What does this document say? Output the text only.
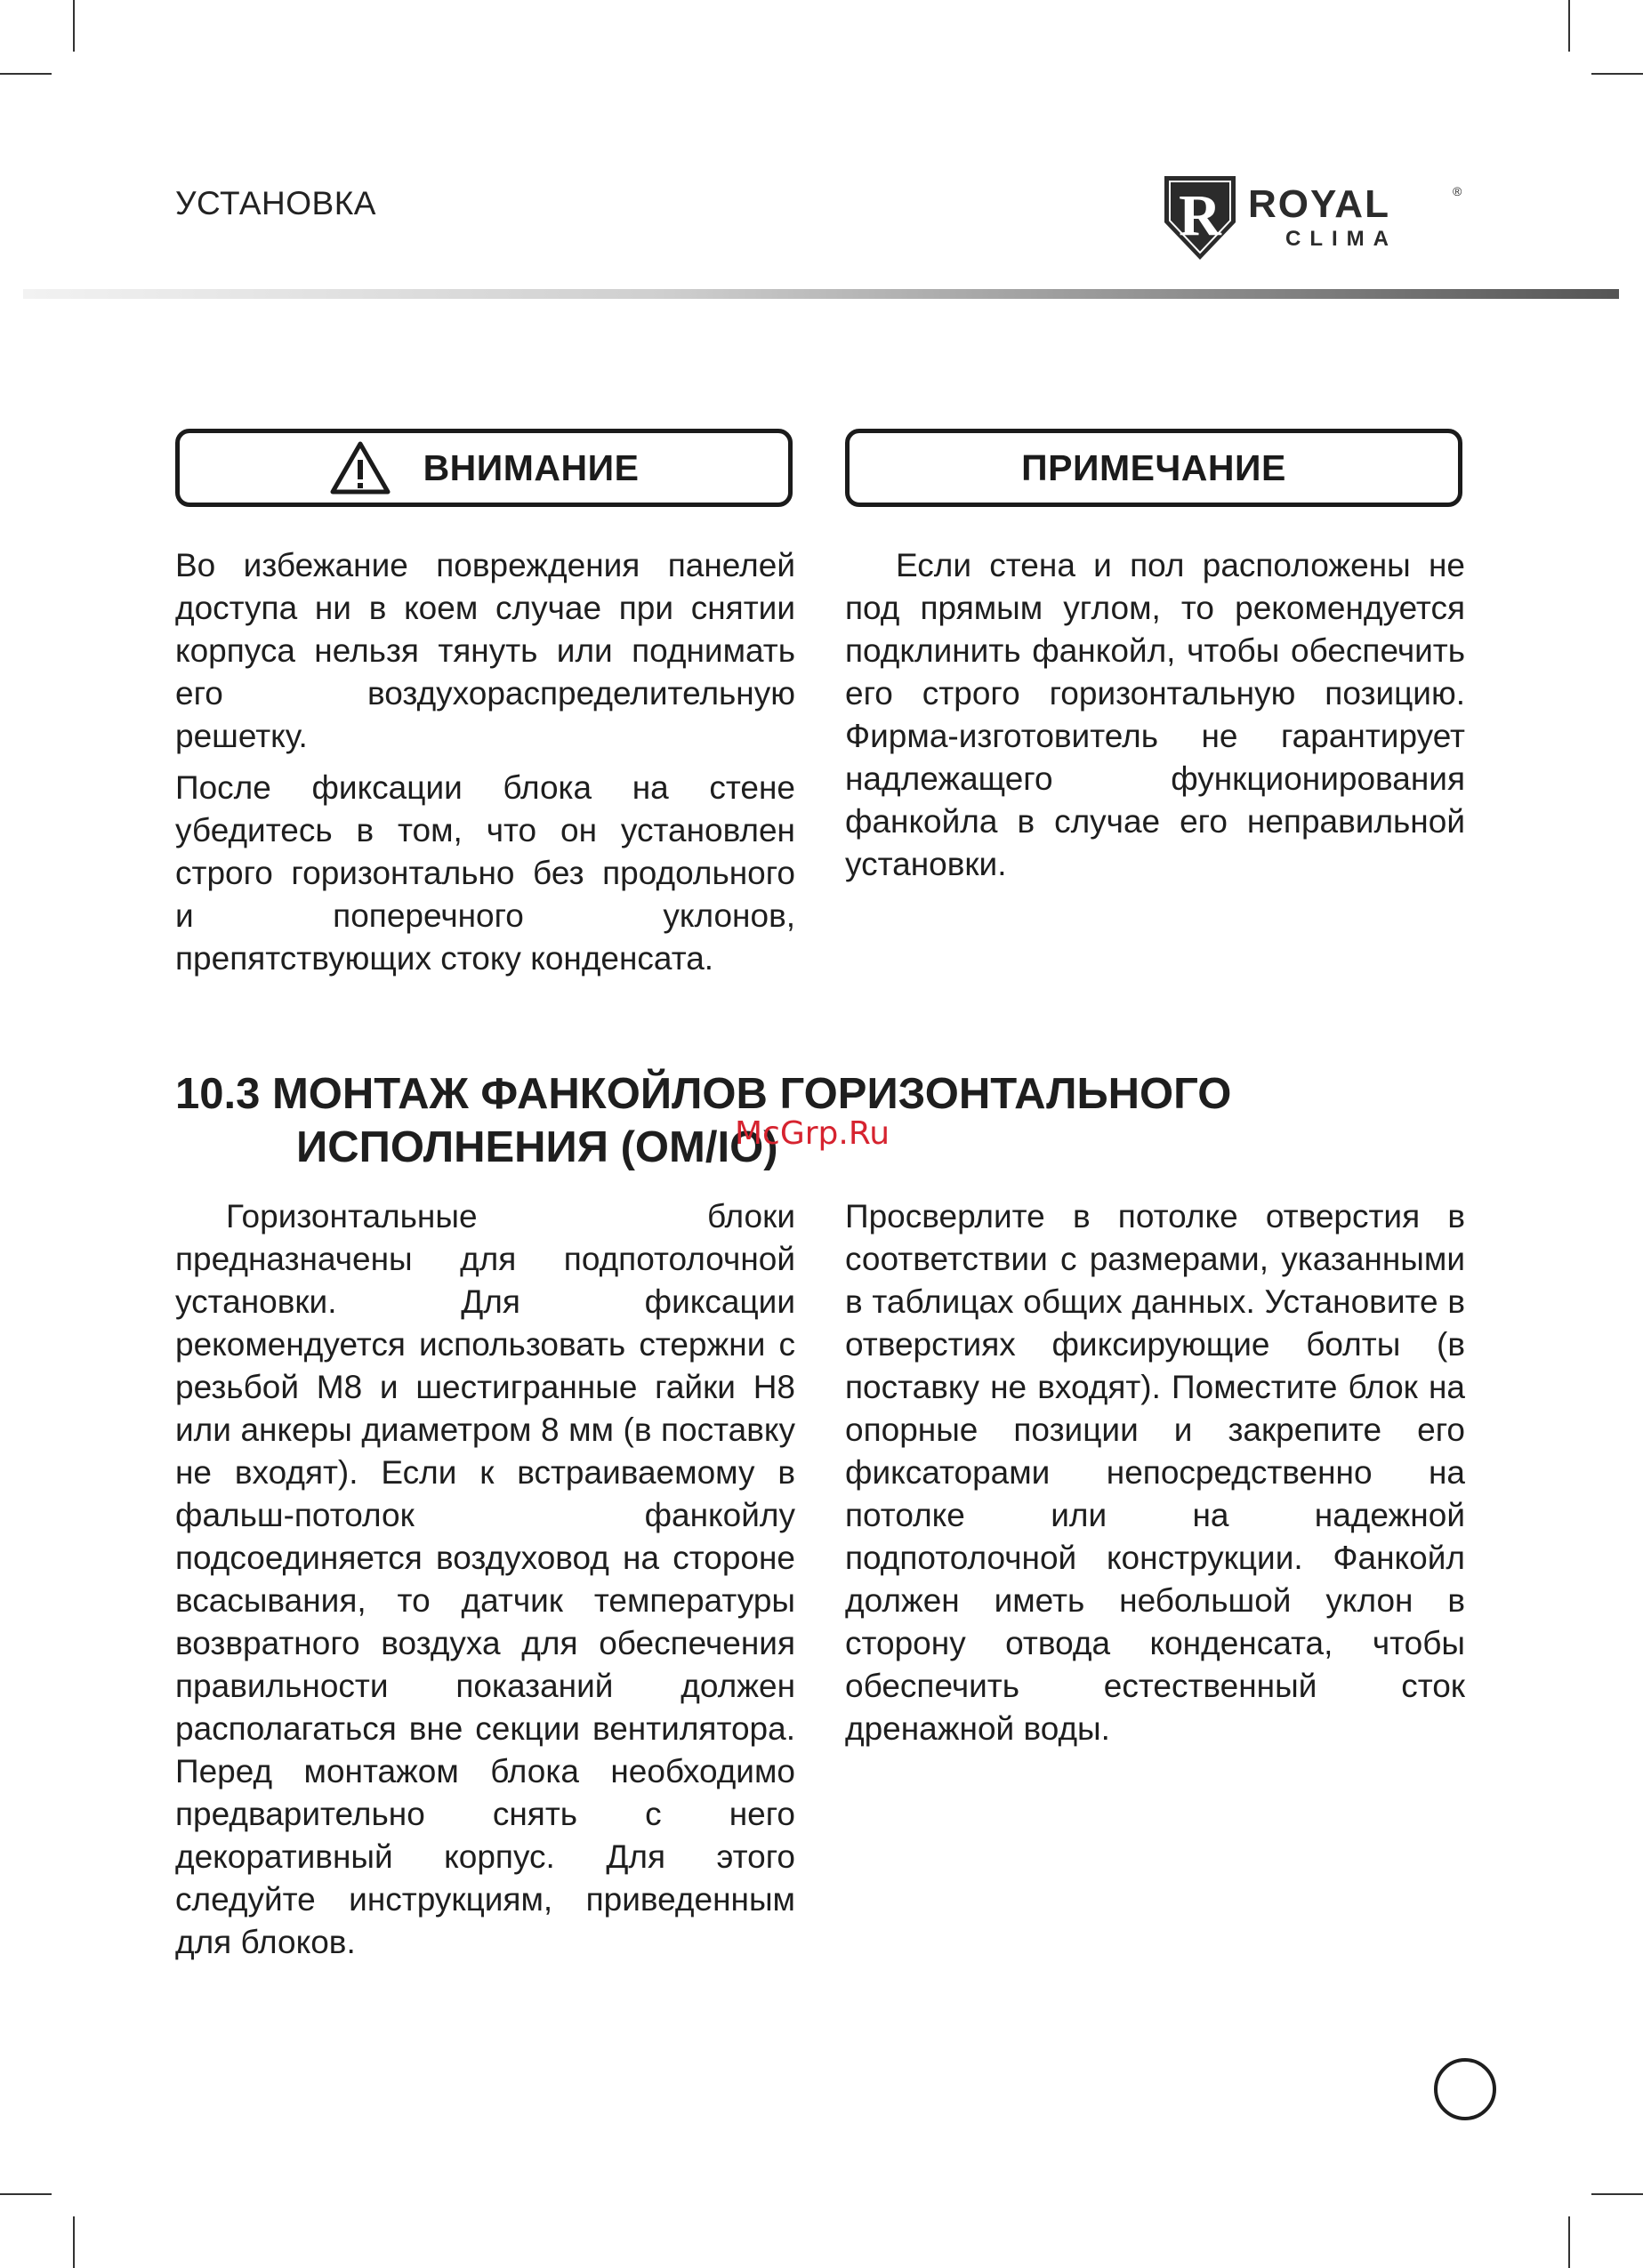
УСТАНОВКА	R ROYAL	®
CLIMA
ВНИМАНИЕ	ПРИМЕЧАНИЕ

Во избежание повреждения панелей доступа ни в коем случае при снятии корпуса нельзя тянуть или поднимать его воздухораспределительную решетку.

После фиксации блока на стене убедитесь в том, что он установлен строго горизонтально без продольного и поперечного уклонов, препятствующих стоку конденсата.

Если стена и пол расположены не под прямым углом, то рекомендуется подклинить фанкойл, чтобы обеспечить его строго горизонтальную позицию. Фирма-изготовитель не гарантирует надлежащего функционирования фанкойла в случае его неправильной установки.

10.3 МОНТАЖ ФАНКОЙЛОВ ГОРИЗОНТАЛЬНОГО
ИСПОЛНЕНИЯ (ОМ/IO)
McGrp.Ru

Горизонтальные блоки предназначены для подпотолочной установки. Для фиксации рекомендуется использовать стержни с резьбой М8 и шестигранные гайки Н8 или анкеры диаметром 8 мм (в поставку не входят). Если к встраиваемому в фальш-потолок фанкойлу подсоединяется воздуховод на стороне всасывания, то датчик температуры возвратного воздуха для обеспечения правильности показаний должен располагаться вне секции вентилятора. Перед монтажом блока необходимо предварительно снять с него декоративный корпус. Для этого следуйте инструкциям, приведенным для блоков.

Просверлите в потолке отверстия в соответствии с размерами, указанными в таблицах общих данных. Установите в отверстиях фиксирующие болты (в поставку не входят). Поместите блок на опорные позиции и закрепите его фиксаторами непосредственно на потолке или на надежной подпотолочной конструкции. Фанкойл должен иметь небольшой уклон в сторону отвода конденсата, чтобы обеспечить естественный сток дренажной воды.
